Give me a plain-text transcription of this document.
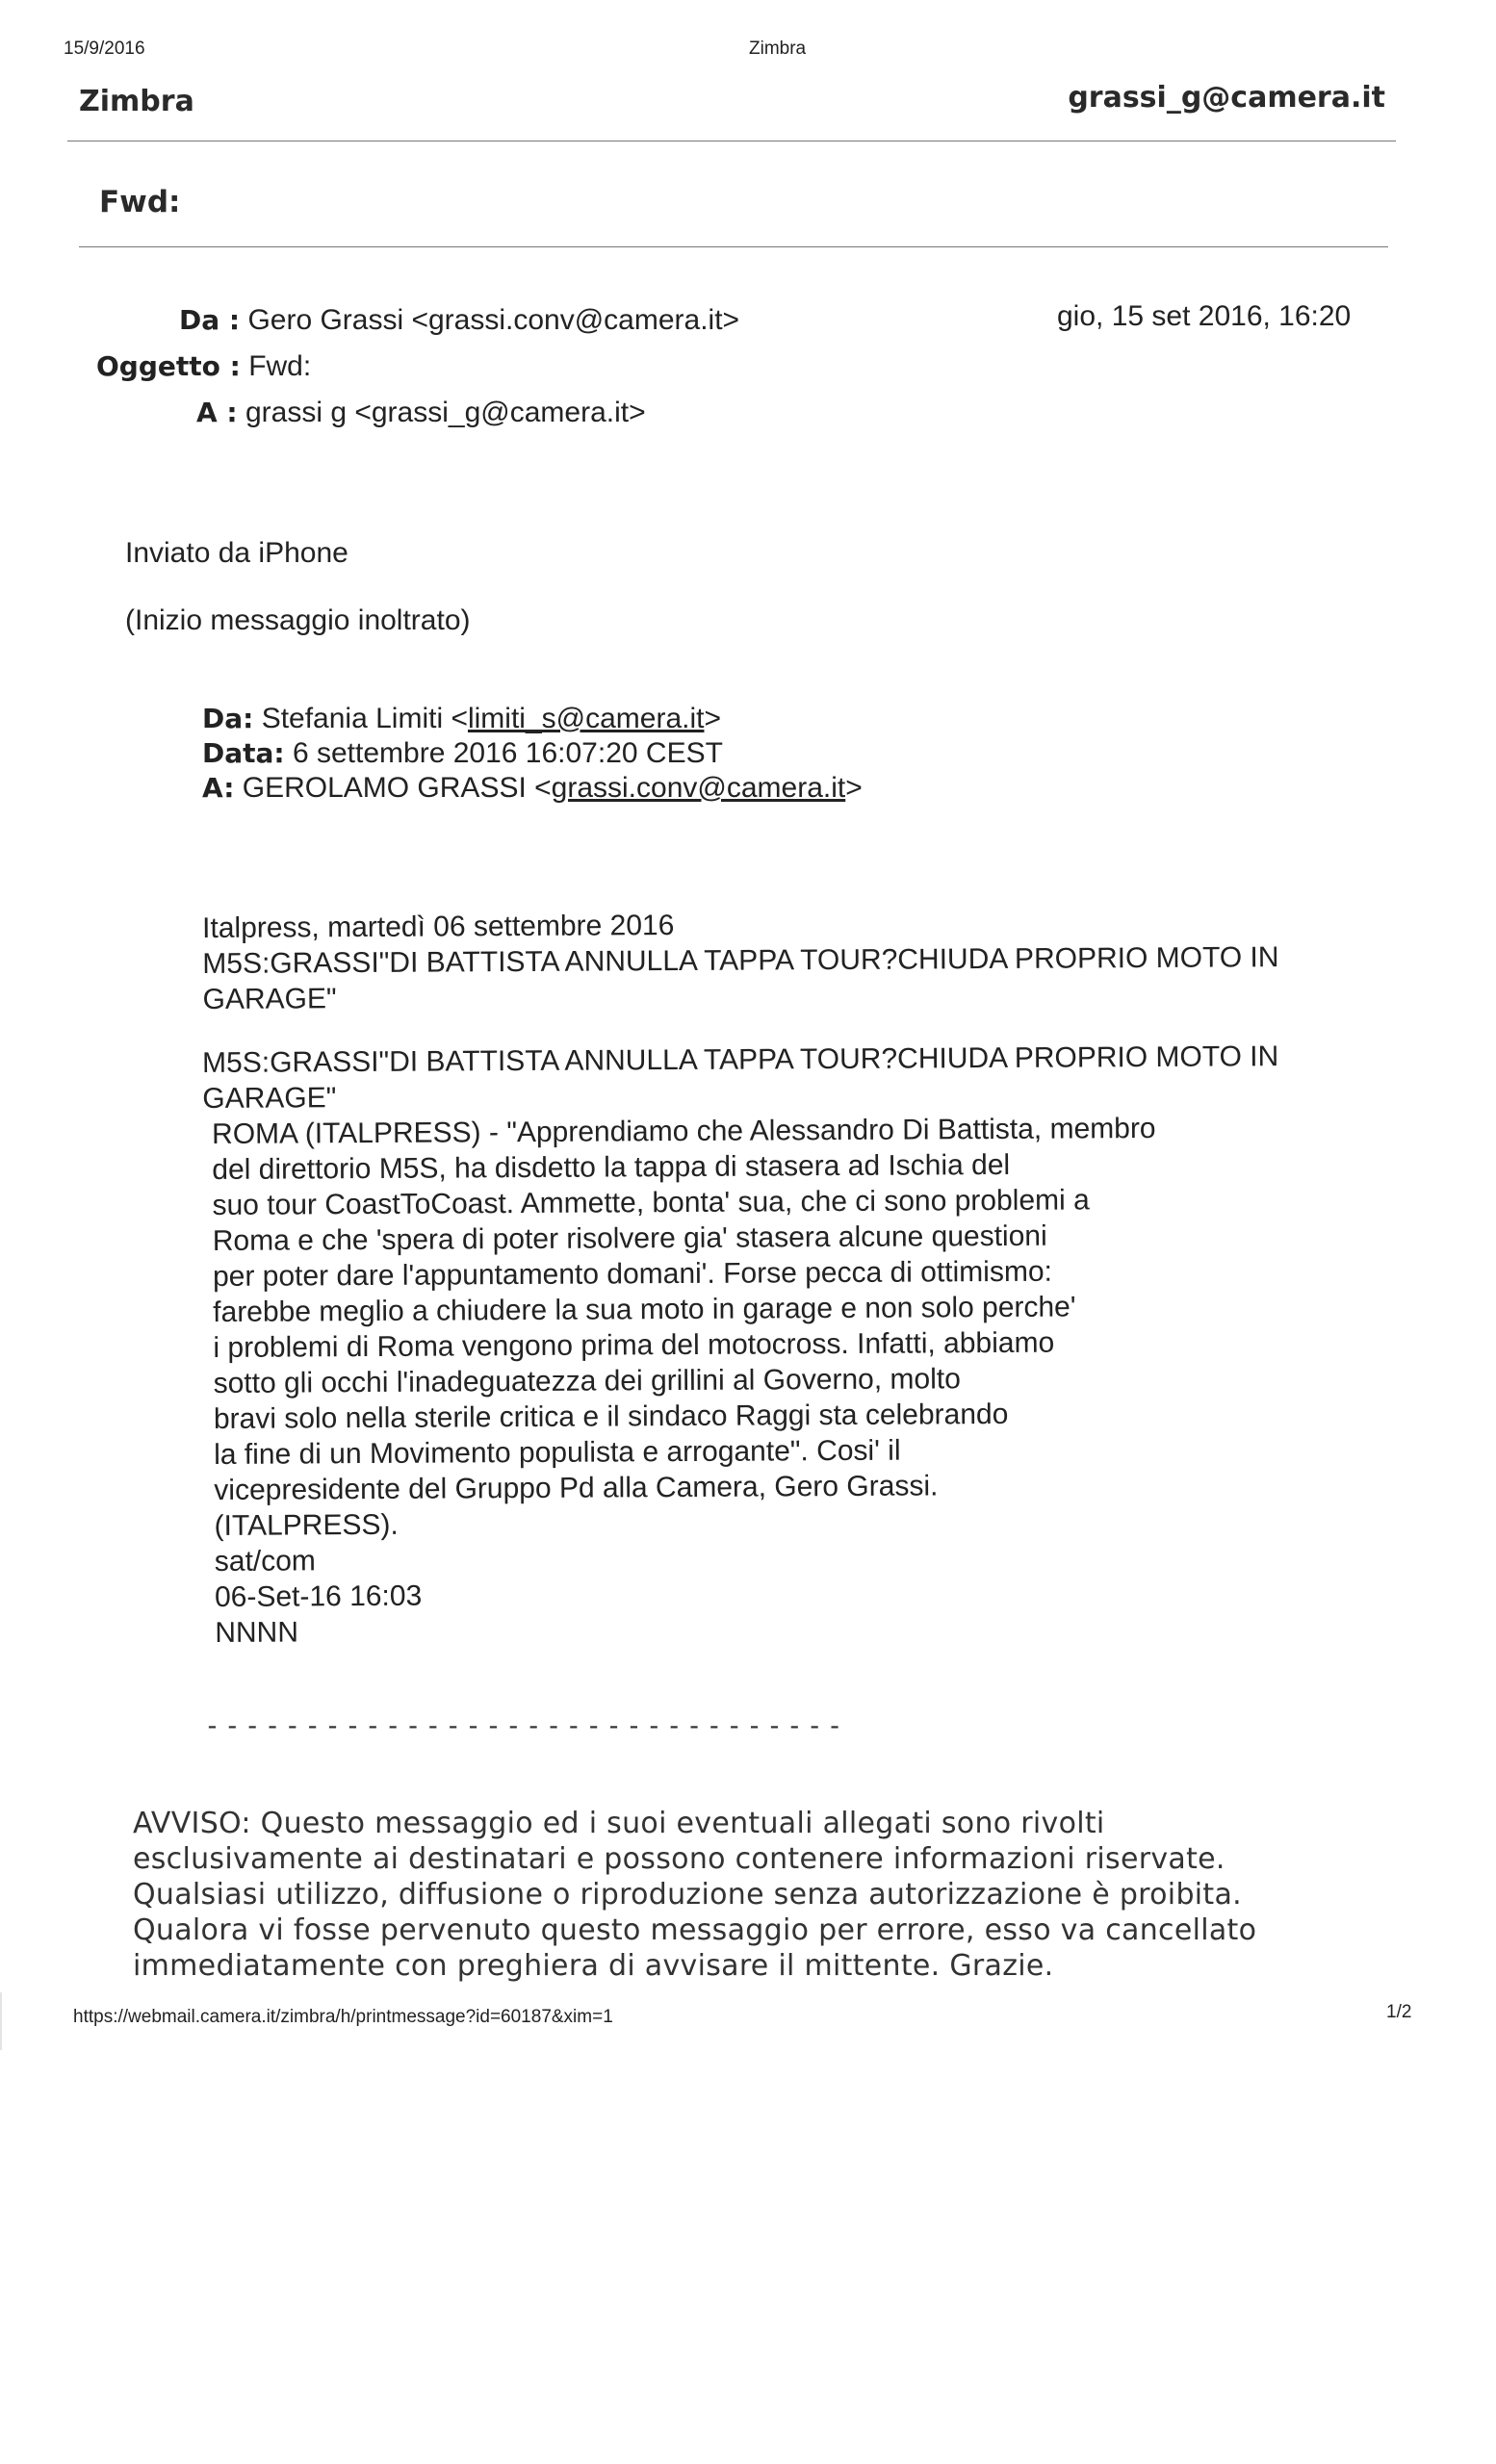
15/9/2016	Zimbra
Zimbra	grassi_g@camera.it
Fwd:
Da : Gero Grassi <grassi.conv@camera.it>	gio, 15 set 2016, 16:20
Oggetto : Fwd:
A : grassi g <grassi_g@camera.it>
Inviato da iPhone
(Inizio messaggio inoltrato)
Da: Stefania Limiti <limiti_s@camera.it>
Data: 6 settembre 2016 16:07:20 CEST
A: GEROLAMO GRASSI <grassi.conv@camera.it>
Italpress, martedì 06 settembre 2016
M5S:GRASSI"DI BATTISTA ANNULLA TAPPA TOUR?CHIUDA PROPRIO MOTO IN
GARAGE"
M5S:GRASSI"DI BATTISTA ANNULLA TAPPA TOUR?CHIUDA PROPRIO MOTO IN
GARAGE"
ROMA (ITALPRESS) - "Apprendiamo che Alessandro Di Battista, membro
del direttorio M5S, ha disdetto la tappa di stasera ad Ischia del
suo tour CoastToCoast. Ammette, bonta' sua, che ci sono problemi a
Roma e che 'spera di poter risolvere gia' stasera alcune questioni
per poter dare l'appuntamento domani'. Forse pecca di ottimismo:
farebbe meglio a chiudere la sua moto in garage e non solo perche'
i problemi di Roma vengono prima del motocross. Infatti, abbiamo
sotto gli occhi l'inadeguatezza dei grillini al Governo, molto
bravi solo nella sterile critica e il sindaco Raggi sta celebrando
la fine di un Movimento populista e arrogante". Cosi' il
vicepresidente del Gruppo Pd alla Camera, Gero Grassi.
(ITALPRESS).
sat/com
06-Set-16 16:03
NNNN
--------------------------------
AVVISO: Questo messaggio ed i suoi eventuali allegati sono rivolti
esclusivamente ai destinatari e possono contenere informazioni riservate.
Qualsiasi utilizzo, diffusione o riproduzione senza autorizzazione è proibita.
Qualora vi fosse pervenuto questo messaggio per errore, esso va cancellato
immediatamente con preghiera di avvisare il mittente. Grazie.
https://webmail.camera.it/zimbra/h/printmessage?id=60187&xim=1	1/2
